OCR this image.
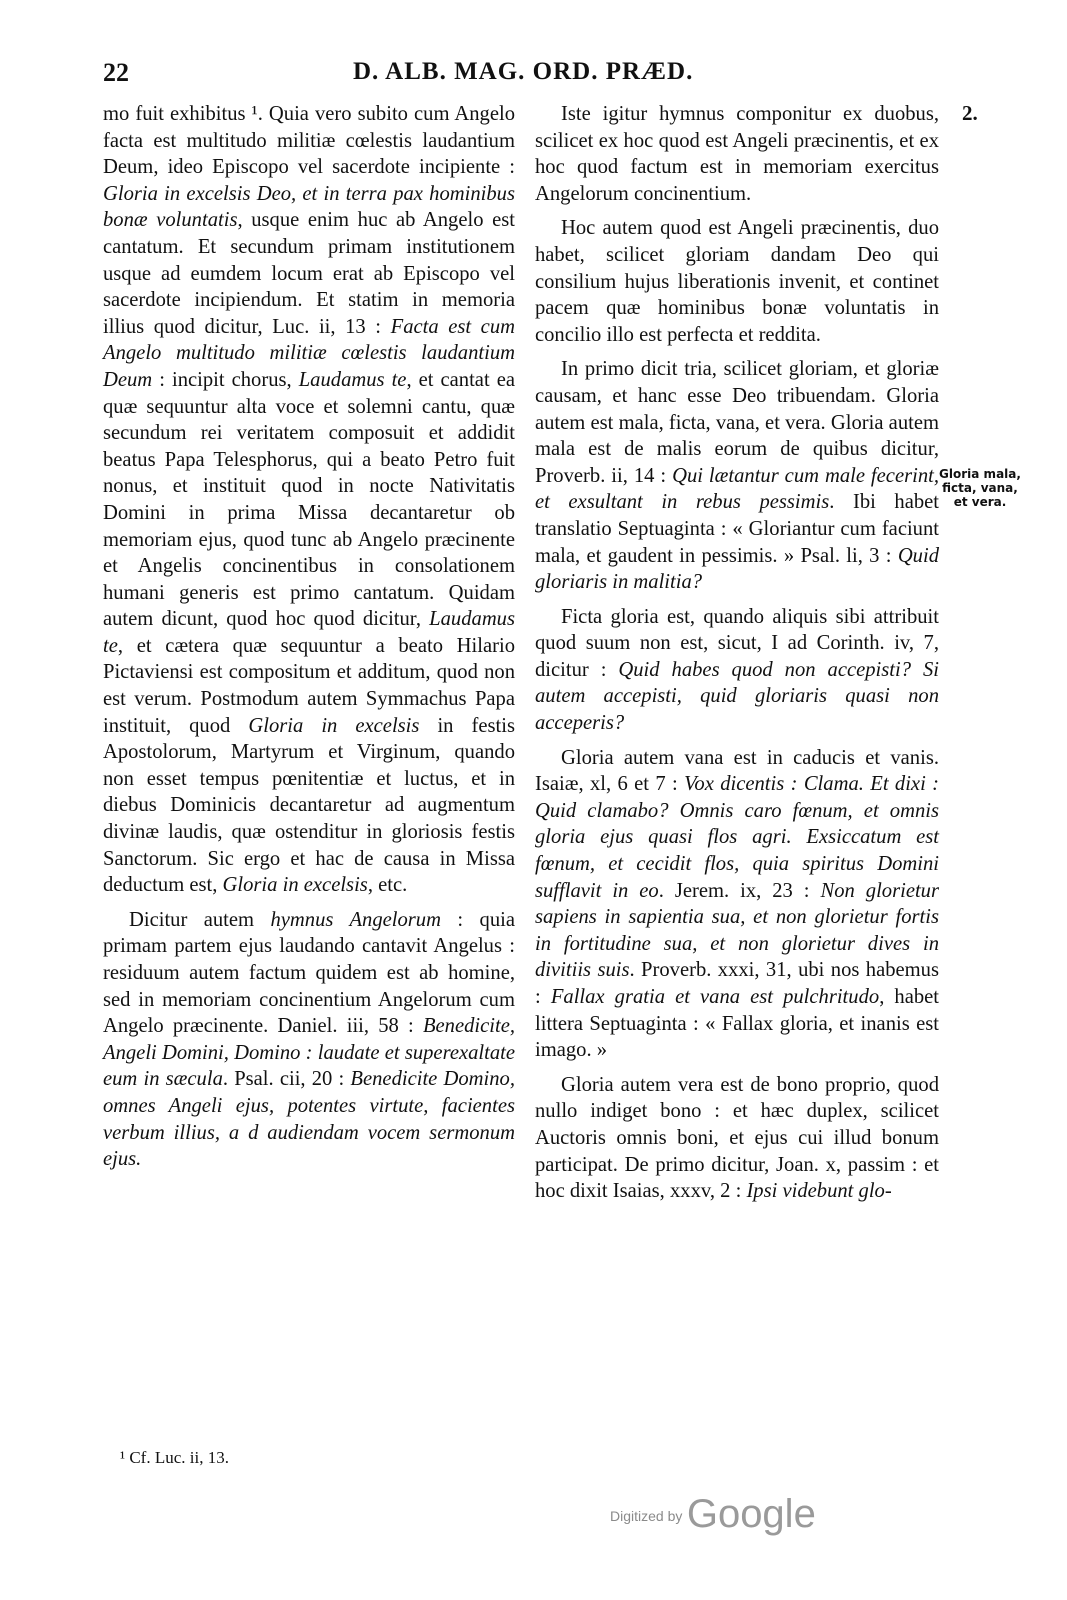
22	D. ALB. MAG. ORD. PRÆD.

mo fuit exhibitus ¹. Quia vero subito cum Angelo facta est multitudo militiæ cœlestis laudantium Deum, ideo Episcopo vel sacerdote incipiente : Gloria in excelsis Deo, et in terra pax hominibus bonæ voluntatis, usque enim huc ab Angelo est cantatum. Et secundum primam institutionem usque ad eumdem locum erat ab Episcopo vel sacerdote incipiendum. Et statim in memoria illius quod dicitur, Luc. ii, 13 : Facta est cum Angelo multitudo militiæ cœlestis laudantium Deum : incipit chorus, Laudamus te, et cantat ea quæ sequuntur alta voce et solemni cantu, quæ secundum rei veritatem composuit et addidit beatus Papa Telesphorus, qui a beato Petro fuit nonus, et instituit quod in nocte Nativitatis Domini in prima Missa decantaretur ob memoriam ejus, quod tunc ab Angelo præcinente et Angelis concinentibus in consolationem humani generis est primo cantatum. Quidam autem dicunt, quod hoc quod dicitur, Laudamus te, et cætera quæ sequuntur a beato Hilario Pictaviensi est compositum et additum, quod non est verum. Postmodum autem Symmachus Papa instituit, quod Gloria in excelsis in festis Apostolorum, Martyrum et Virginum, quando non esset tempus pœnitentiæ et luctus, et in diebus Dominicis decantaretur ad augmentum divinæ laudis, quæ ostenditur in gloriosis festis Sanctorum. Sic ergo et hac de causa in Missa deductum est, Gloria in excelsis, etc.

Dicitur autem hymnus Angelorum : quia primam partem ejus laudando cantavit Angelus : residuum autem factum quidem est ab homine, sed in memoriam concinentium Angelorum cum Angelo præcinente. Daniel. iii, 58 : Benedicite, Angeli Domini, Domino : laudate et superexaltate eum in sæcula. Psal. cii, 20 : Benedicite Domino, omnes Angeli ejus, potentes virtute, facientes verbum illius, a d audiendam vocem sermonum ejus.

Iste igitur hymnus componitur ex duobus, scilicet ex hoc quod est Angeli præcinentis, et ex hoc quod factum est in memoriam exercitus Angelorum concinentium.

Hoc autem quod est Angeli præcinentis, duo habet, scilicet gloriam dandam Deo qui consilium hujus liberationis invenit, et continet pacem quæ hominibus bonæ voluntatis in concilio illo est perfecta et reddita.

In primo dicit tria, scilicet gloriam, et gloriæ causam, et hanc esse Deo tribuendam. Gloria autem est mala, ficta, vana, et vera. Gloria autem mala est de malis eorum de quibus dicitur, Proverb. ii, 14 : Qui lætantur cum male fecerint, et exsultant in rebus pessimis. Ibi habet translatio Septuaginta : « Gloriantur cum faciunt mala, et gaudent in pessimis. » Psal. li, 3 : Quid gloriaris in malitia?

Ficta gloria est, quando aliquis sibi attribuit quod suum non est, sicut, I ad Corinth. iv, 7, dicitur : Quid habes quod non accepisti? Si autem accepisti, quid gloriaris quasi non acceperis?

Gloria autem vana est in caducis et vanis. Isaiæ, xl, 6 et 7 : Vox dicentis : Clama. Et dixi : Quid clamabo? Omnis caro fœnum, et omnis gloria ejus quasi flos agri. Exsiccatum est fœnum, et cecidit flos, quia spiritus Domini sufflavit in eo. Jerem. ix, 23 : Non glorietur sapiens in sapientia sua, et non glorietur fortis in fortitudine sua, et non glorietur dives in divitiis suis. Proverb. xxxi, 31, ubi nos habemus : Fallax gratia et vana est pulchritudo, habet littera Septuaginta : « Fallax gloria, et inanis est imago. »

Gloria autem vera est de bono proprio, quod nullo indiget bono : et hæc duplex, scilicet Auctoris omnis boni, et ejus cui illud bonum participat. De primo dicitur, Joan. x, passim : et hoc dixit Isaias, xxxv, 2 : Ipsi videbunt glo-

2.
Gloria mala, ficta, vana, et vera.
¹ Cf. Luc. ii, 13.
Digitized by Google
